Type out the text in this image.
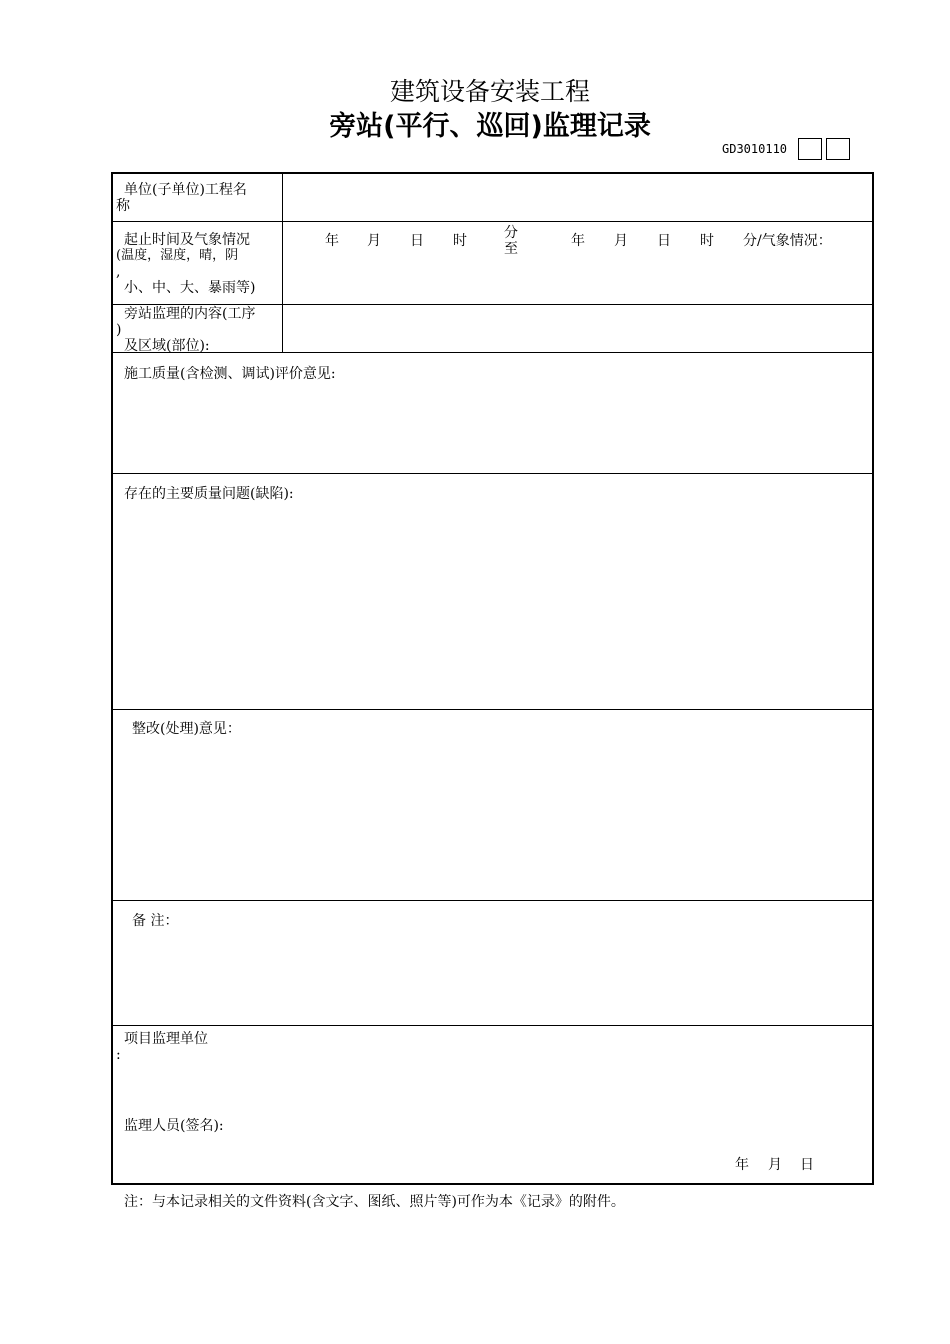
建筑设备安装工程
旁站(平行、巡回)监理记录
GD3010110
单位(子单位)工程名
称
起止时间及气象情况
(温度，湿度，晴，阴
,
小、中、大、暴雨等)
年 月 日 时	分
至	年 月 日 时 分/气象情况：
旁站监理的内容(工序
)
及区域(部位):
施工质量(含检测、调试)评价意见:
存在的主要质量问题(缺陷):
整改(处理)意见：
备 注：
项目监理单位
:
监理人员(签名):
年 月 日
注：与本记录相关的文件资料(含文字、图纸、照片等)可作为本《记录》的附件。
